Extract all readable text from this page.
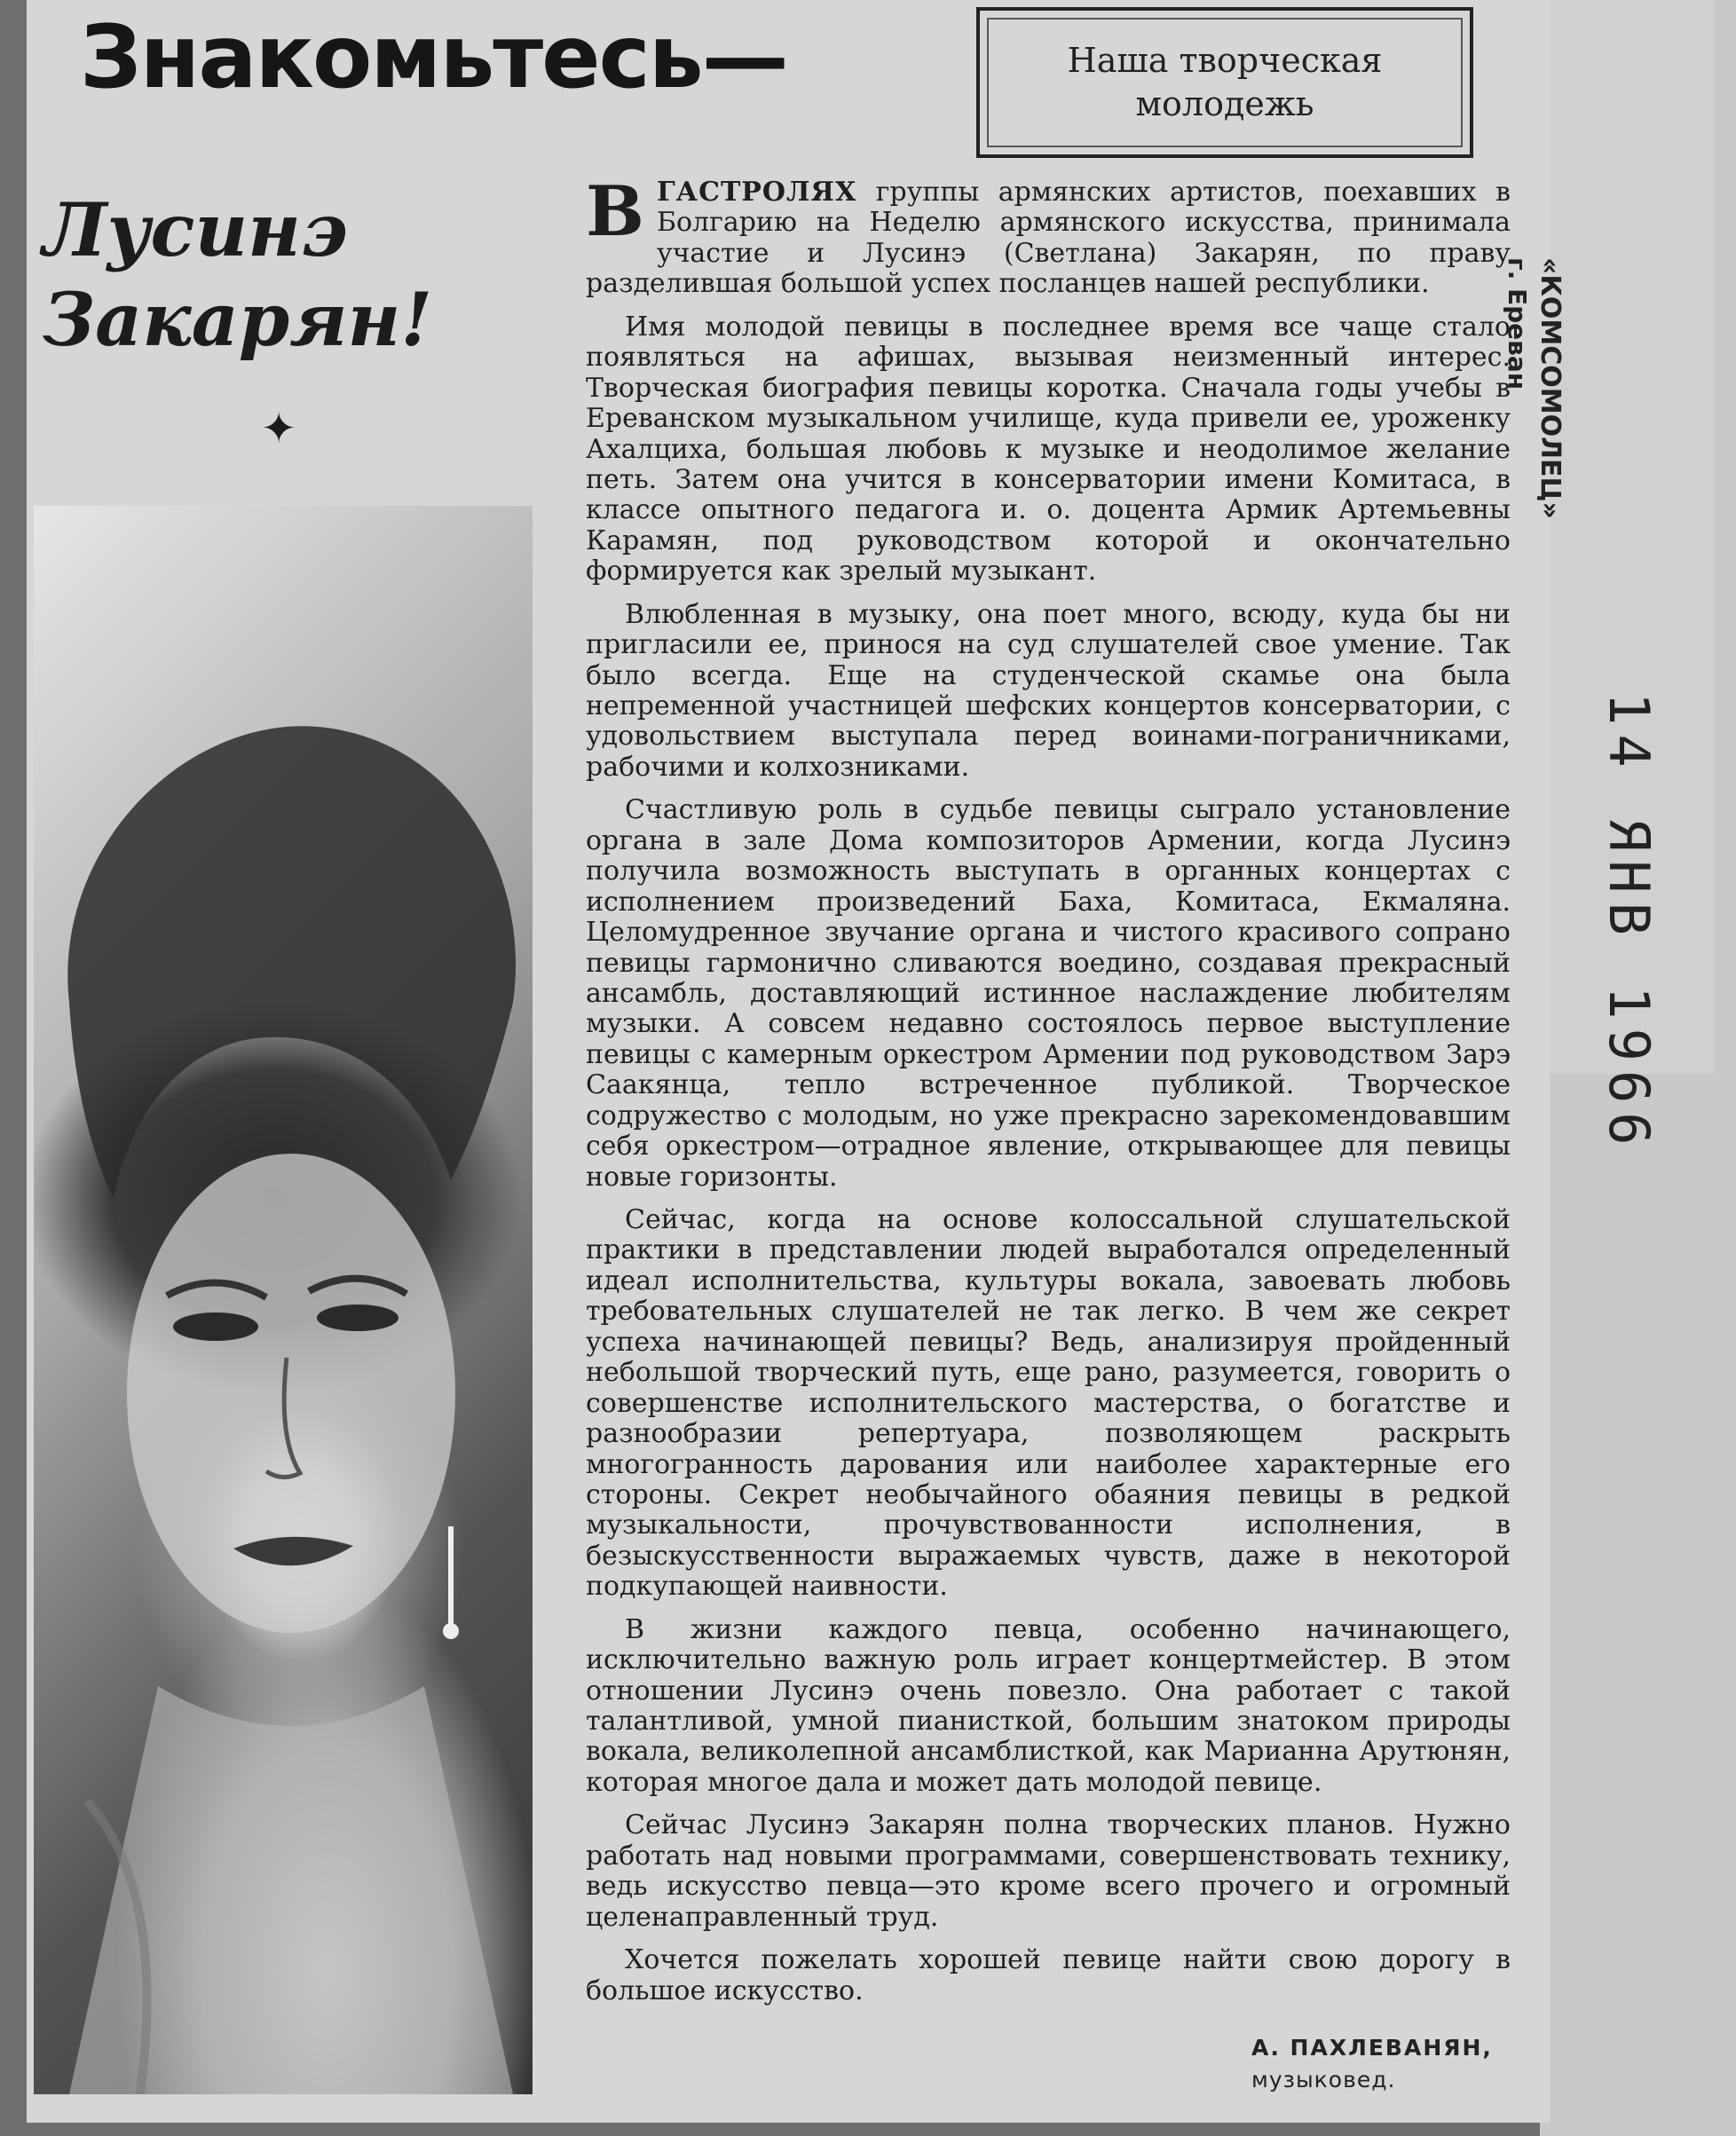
«КОМСОМОЛЕЦ»
г. Ереван
14 ЯНВ 1966
Знакомьтесь—	Наша творческая
молодежь
Лусинэ
Закарян!
✦

ВГАСТРОЛЯХ группы армянских артистов, поехавших в Болгарию на Неделю армянского искусства, принимала участие и Лусинэ (Светлана) Закарян, по праву разделившая большой успех посланцев нашей республики.

Имя молодой певицы в последнее время все чаще стало появляться на афишах, вызывая неизменный интерес. Творческая биография певицы коротка. Сначала годы учебы в Ереванском музыкальном училище, куда привели ее, уроженку Ахалциха, большая любовь к музыке и неодолимое желание петь. Затем она учится в консерватории имени Комитаса, в классе опытного педагога и. о. доцента Армик Артемьевны Карамян, под руководством которой и окончательно формируется как зрелый музыкант.

Влюбленная в музыку, она поет много, всюду, куда бы ни пригласили ее, принося на суд слушателей свое умение. Так было всегда. Еще на студенческой скамье она была непременной участницей шефских концертов консерватории, с удовольствием выступала перед воинами-пограничниками, рабочими и колхозниками.

Счастливую роль в судьбе певицы сыграло установление органа в зале Дома композиторов Армении, когда Лусинэ получила возможность выступать в органных концертах с исполнением произведений Баха, Комитаса, Екмаляна. Целомудренное звучание органа и чистого красивого сопрано певицы гармонично сливаются воедино, создавая прекрасный ансамбль, доставляющий истинное наслаждение любителям музыки. А совсем недавно состоялось первое выступление певицы с камерным оркестром Армении под руководством Зарэ Саакянца, тепло встреченное публикой. Творческое содружество с молодым, но уже прекрасно зарекомендовавшим себя оркестром—отрадное явление, открывающее для певицы новые горизонты.

Сейчас, когда на основе колоссальной слушательской практики в представлении людей выработался определенный идеал исполнительства, культуры вокала, завоевать любовь требовательных слушателей не так легко. В чем же секрет успеха начинающей певицы? Ведь, анализируя пройденный небольшой творческий путь, еще рано, разумеется, говорить о совершенстве исполнительского мастерства, о богатстве и разнообразии репертуара, позволяющем раскрыть многогранность дарования или наиболее характерные его стороны. Секрет необычайного обаяния певицы в редкой музыкальности, прочувствованности исполнения, в безыскусственности выражаемых чувств, даже в некоторой подкупающей наивности.

В жизни каждого певца, особенно начинающего, исключительно важную роль играет концертмейстер. В этом отношении Лусинэ очень повезло. Она работает с такой талантливой, умной пианисткой, большим знатоком природы вокала, великолепной ансамблисткой, как Марианна Арутюнян, которая многое дала и может дать молодой певице.

Сейчас Лусинэ Закарян полна творческих планов. Нужно работать над новыми программами, совершенствовать технику, ведь искусство певца—это кроме всего прочего и огромный целенаправленный труд.

Хочется пожелать хорошей певице найти свою дорогу в большое искусство.

А. ПАХЛЕВАНЯН,
музыковед.
